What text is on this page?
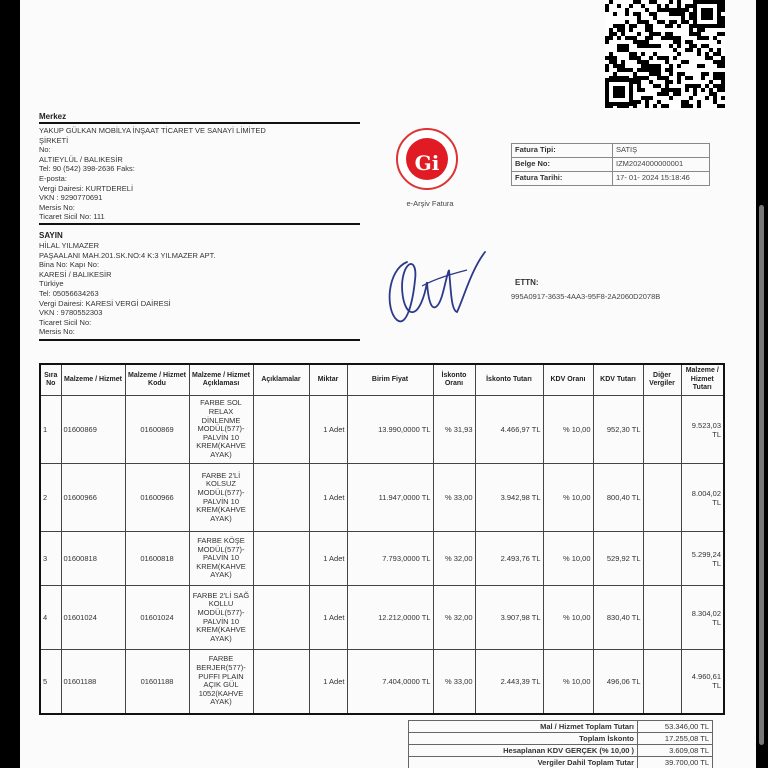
Merkez
YAKUP GÜLKAN MOBİLYA İNŞAAT TİCARET VE SANAYİ LİMİTED
ŞİRKETİ
No:
ALTIEYLÜL / BALIKESİR
Tel: 90 (542) 398-2636 Faks:
E-posta:
Vergi Dairesi: KURTDERELİ
VKN : 9290770691
Mersis No:
Ticaret Sicil No: 111
SAYIN
HİLAL YILMAZER
PAŞAALANI MAH.201.SK.NO:4 K:3 YILMAZER APT.
Bina No: Kapı No:
KARESİ / BALIKESİR
Türkiye
Tel: 05056634263
Vergi Dairesi: KARESİ VERGİ DAİRESİ
VKN : 9780552303
Ticaret Sicil No:
Mersis No:
Gi
e-Arşiv Fatura
Fatura Tipi:	SATIŞ
Belge No:	IZM2024000000001
Fatura Tarihi:	17- 01- 2024 15:18:46
ETTN:
995A0917-3635-4AA3-95F8-2A2060D2078B
Sıra No	Malzeme / Hizmet	Malzeme / Hizmet Kodu	Malzeme / Hizmet Açıklaması	Açıklamalar	Miktar	Birim Fiyat	İskonto Oranı	İskonto Tutarı	KDV Oranı	KDV Tutarı	Diğer Vergiler	Malzeme / Hizmet Tutarı
1	01600869	01600869	FARBE SOL RELAX DİNLENME MODÜL(577)-PALVİN 10 KREM(KAHVE AYAK)		1 Adet	13.990,0000 TL	% 31,93	4.466,97 TL	% 10,00	952,30 TL		9.523,03 TL
2	01600966	01600966	FARBE 2'Lİ KOLSUZ MODÜL(577)-PALVİN 10 KREM(KAHVE AYAK)		1 Adet	11.947,0000 TL	% 33,00	3.942,98 TL	% 10,00	800,40 TL		8.004,02 TL
3	01600818	01600818	FARBE KÖŞE MODÜL(577)-PALVİN 10 KREM(KAHVE AYAK)		1 Adet	7.793,0000 TL	% 32,00	2.493,76 TL	% 10,00	529,92 TL		5.299,24 TL
4	01601024	01601024	FARBE 2'Lİ SAĞ KOLLU MODÜL(577)-PALVİN 10 KREM(KAHVE AYAK)		1 Adet	12.212,0000 TL	% 32,00	3.907,98 TL	% 10,00	830,40 TL		8.304,02 TL
5	01601188	01601188	FARBE BERJER(577)-PUFFI PLAIN AÇIK GÜL 1052(KAHVE AYAK)		1 Adet	7.404,0000 TL	% 33,00	2.443,39 TL	% 10,00	496,06 TL		4.960,61 TL
Mal / Hizmet Toplam Tutarı	53.346,00 TL
Toplam İskonto	17.255,08 TL
Hesaplanan KDV GERÇEK (% 10,00 )	3.609,08 TL
Vergiler Dahil Toplam Tutar	39.700,00 TL
